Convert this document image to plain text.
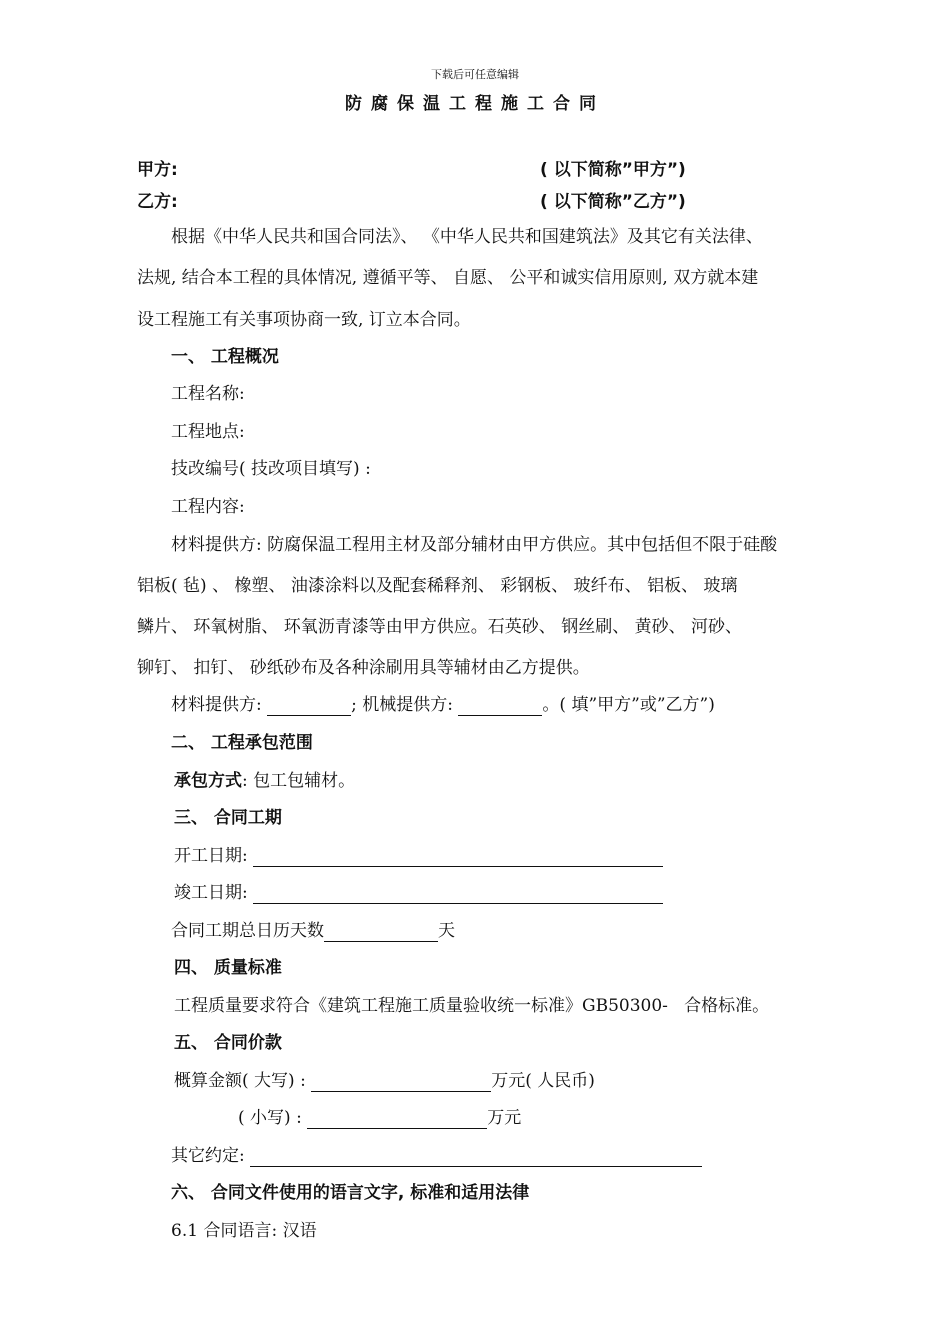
下载后可任意编辑
防腐保温工程施工合同
甲方:	( 以下简称”甲方”)
乙方:	( 以下简称”乙方”)
根据《中华人民共和国合同法》、 《中华人民共和国建筑法》及其它有关法律、
法规, 结合本工程的具体情况, 遵循平等、 自愿、 公平和诚实信用原则, 双方就本建
设工程施工有关事项协商一致, 订立本合同。
一、 工程概况
工程名称:
工程地点:
技改编号( 技改项目填写) :
工程内容:
材料提供方: 防腐保温工程用主材及部分辅材由甲方供应。其中包括但不限于硅酸
铝板( 毡) 、 橡塑、 油漆涂料以及配套稀释剂、 彩钢板、 玻纤布、 铝板、 玻璃
鳞片、 环氧树脂、 环氧沥青漆等由甲方供应。石英砂、 钢丝刷、 黄砂、 河砂、
铆钉、 扣钉、 砂纸砂布及各种涂刷用具等辅材由乙方提供。
材料提供方:	; 机械提供方:	。( 填”甲方”或”乙方”)
二、 工程承包范围
承包方式: 包工包辅材。
三、 合同工期
开工日期:
竣工日期:
合同工期总日历天数	天
四、 质量标准
工程质量要求符合《建筑工程施工质量验收统一标准》GB50300-   合格标准。
五、 合同价款
概算金额( 大写) :	万元( 人民币)
( 小写) :	万元
其它约定:
六、 合同文件使用的语言文字, 标准和适用法律
6.1 合同语言: 汉语
